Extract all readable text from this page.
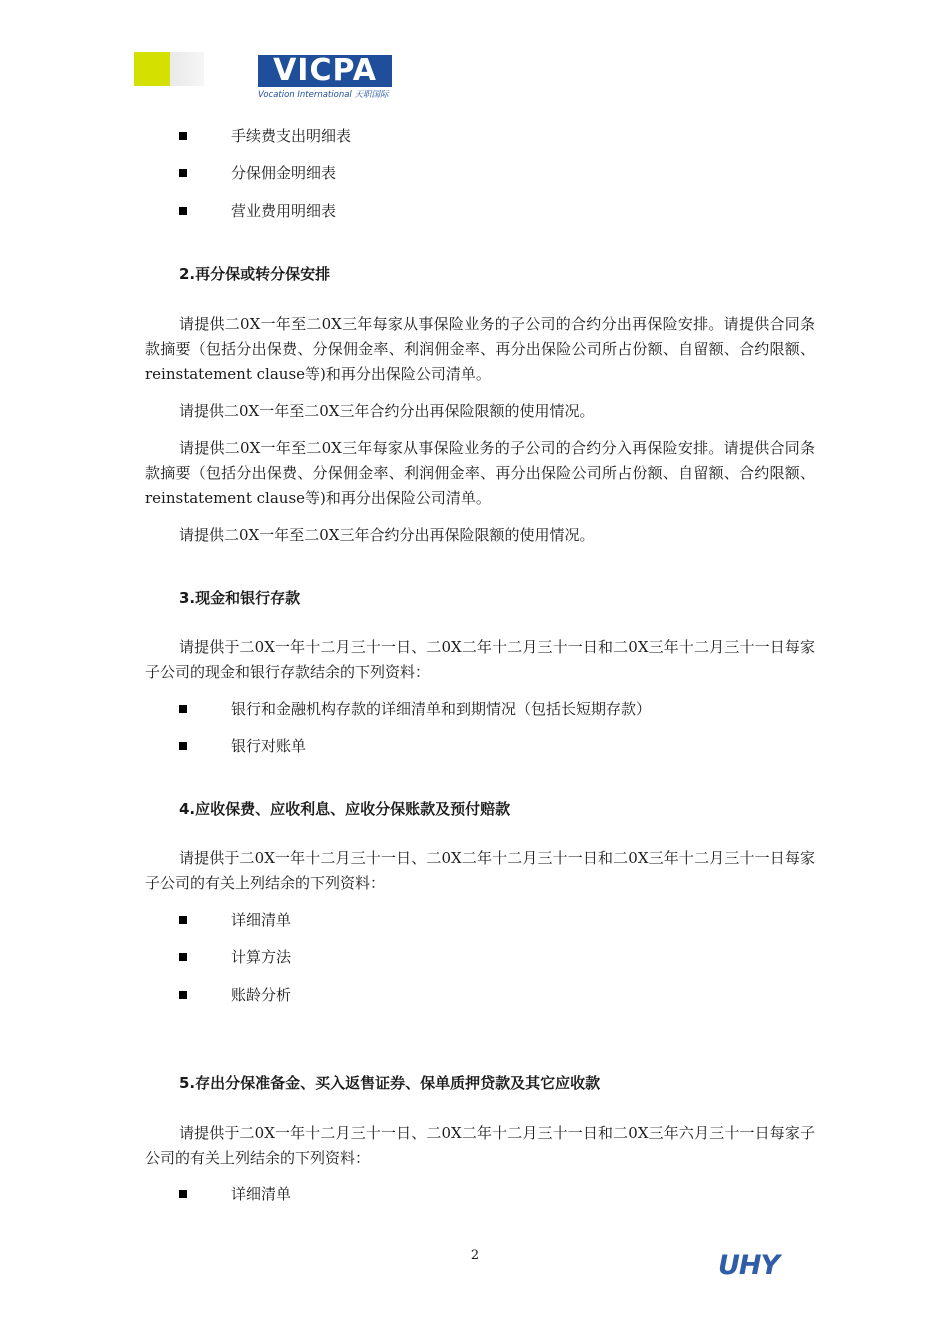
VICPA
Vocation International 天职国际
手续费支出明细表
分保佣金明细表
营业费用明细表
2.再分保或转分保安排

请提供二0X一年至二0X三年每家从事保险业务的子公司的合约分出再保险安排。请提供合同条款摘要（包括分出保费、分保佣金率、利润佣金率、再分出保险公司所占份额、自留额、合约限额、reinstatement clause等)和再分出保险公司清单。

请提供二0X一年至二0X三年合约分出再保险限额的使用情况。

请提供二0X一年至二0X三年每家从事保险业务的子公司的合约分入再保险安排。请提供合同条款摘要（包括分出保费、分保佣金率、利润佣金率、再分出保险公司所占份额、自留额、合约限额、reinstatement clause等)和再分出保险公司清单。

请提供二0X一年至二0X三年合约分出再保险限额的使用情况。

3.现金和银行存款

请提供于二0X一年十二月三十一日、二0X二年十二月三十一日和二0X三年十二月三十一日每家子公司的现金和银行存款结余的下列资料：

银行和金融机构存款的详细清单和到期情况（包括长短期存款）
银行对账单
4.应收保费、应收利息、应收分保账款及预付赔款

请提供于二0X一年十二月三十一日、二0X二年十二月三十一日和二0X三年十二月三十一日每家子公司的有关上列结余的下列资料：

详细清单
计算方法
账龄分析
5.存出分保准备金、买入返售证券、保单质押贷款及其它应收款

请提供于二0X一年十二月三十一日、二0X二年十二月三十一日和二0X三年六月三十一日每家子公司的有关上列结余的下列资料：

详细清单
2	UHY
